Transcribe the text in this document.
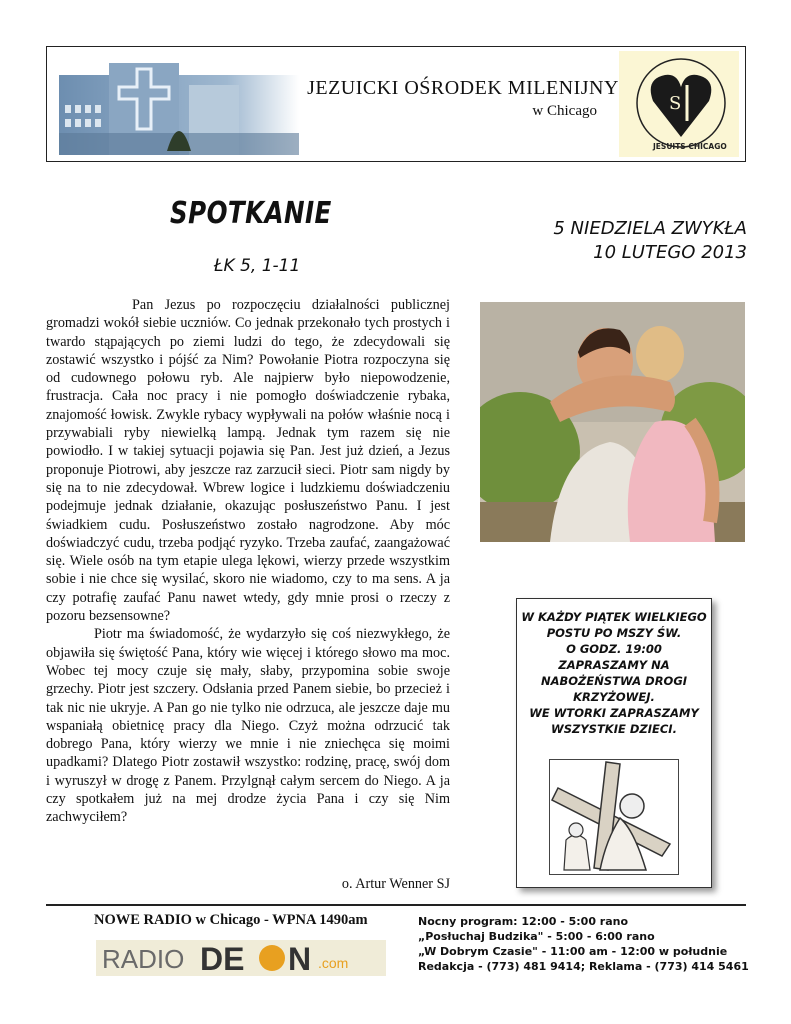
JEZUICKI OŚRODEK MILENIJNY
w Chicago	S
JESUITS CHICAGO
SPOTKANIE
ŁK 5, 1-11
5 NIEDZIELA ZWYKŁA
10 LUTEGO 2013

Pan Jezus po rozpoczęciu działalności publicznej gromadzi wokół siebie uczniów. Co jednak przekonało tych prostych i twardo stąpających po ziemi ludzi do tego, że zdecydowali się zostawić wszystko i pójść za Nim? Powołanie Piotra rozpoczyna się od cudownego połowu ryb. Ale najpierw było niepowodzenie, frustracja. Cała noc pracy i nie pomogło doświadczenie rybaka, znajomość łowisk. Zwykle rybacy wypływali na połów właśnie nocą i przywabiali ryby niewielką lampą. Jednak tym razem się nie powiodło. I w takiej sytuacji pojawia się Pan. Jest już dzień, a Jezus proponuje Piotrowi, aby jeszcze raz zarzucił sieci. Piotr sam nigdy by się na to nie zdecydował. Wbrew logice i ludzkiemu doświadczeniu podejmuje jednak działanie, okazując posłuszeństwo Panu. I jest świadkiem cudu. Posłuszeństwo zostało nagrodzone. Aby móc doświadczyć cudu, trzeba podjąć ryzyko. Trzeba zaufać, zaangażować się. Wiele osób na tym etapie ulega lękowi, wierzy przede wszystkim sobie i nie chce się wysilać, skoro nie wiadomo, czy to ma sens. A ja czy potrafię zaufać Panu nawet wtedy, gdy mnie prosi o rzeczy z pozoru bezsensowne?

Piotr ma świadomość, że wydarzyło się coś niezwykłego, że objawiła się świętość Pana, który wie więcej i którego słowo ma moc. Wobec tej mocy czuje się mały, słaby, przypomina sobie swoje grzechy. Piotr jest szczery. Odsłania przed Panem siebie, bo przecież i tak nic nie ukryje. A Pan go nie tylko nie odrzuca, ale jeszcze daje mu wspaniałą obietnicę pracy dla Niego. Czyż można odrzucić tak dobrego Pana, który wierzy we mnie i nie zniechęca się moimi upadkami? Dlatego Piotr zostawił wszystko: rodzinę, pracę, swój dom i wyruszył w drogę z Panem. Przylgnął całym sercem do Niego. A ja czy spotkałem już na mej drodze życia Pana i czy się Nim zachwyciłem?

o. Artur Wenner SJ
W KAŻDY PIĄTEK WIELKIEGO
POSTU PO MSZY ŚW.
O GODZ. 19:00
ZAPRASZAMY NA
NABOŻEŃSTWA DROGI
KRZYŻOWEJ.
WE WTORKI ZAPRASZAMY
WSZYSTKIE DZIECI.
NOWE RADIO w Chicago - WPNA 1490am
RADIO DE N .com
Nocny program: 12:00 - 5:00 rano
„Posłuchaj Budzika" - 5:00 - 6:00 rano
„W Dobrym Czasie" - 11:00 am - 12:00 w południe
Redakcja - (773) 481 9414; Reklama - (773) 414 5461
